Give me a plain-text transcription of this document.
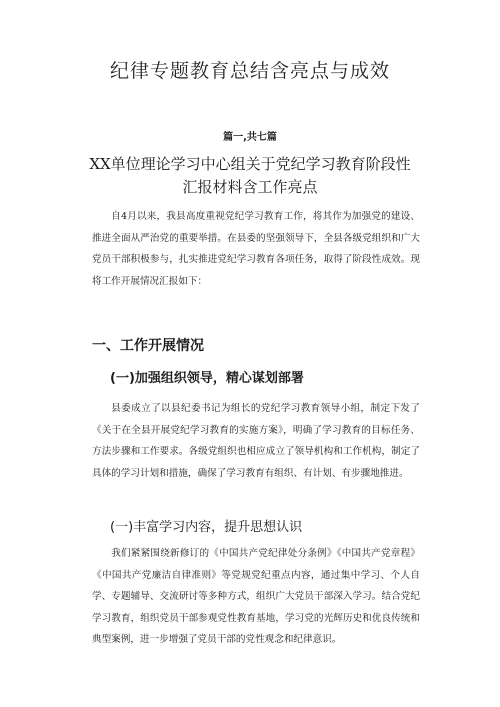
纪律专题教育总结含亮点与成效
篇一,共七篇
XX单位理论学习中心组关于党纪学习教育阶段性
汇报材料含工作亮点

自4月以来，我县高度重视党纪学习教育工作，将其作为加强党的建设、推进全面从严治党的重要举措。在县委的坚强领导下，全县各级党组织和广大党员干部积极参与，扎实推进党纪学习教育各项任务，取得了阶段性成效。现将工作开展情况汇报如下：

一、工作开展情况
(一)加强组织领导，精心谋划部署

县委成立了以县纪委书记为组长的党纪学习教育领导小组，制定下发了《关于在全县开展党纪学习教育的实施方案》，明确了学习教育的目标任务、方法步骤和工作要求。各级党组织也相应成立了领导机构和工作机构，制定了具体的学习计划和措施，确保了学习教育有组织、有计划、有步骤地推进。

(一)丰富学习内容，提升思想认识

我们紧紧围绕新修订的《中国共产党纪律处分条例》《中国共产党章程》《中国共产党廉洁自律准则》等党规党纪重点内容，通过集中学习、个人自学、专题辅导、交流研讨等多种方式，组织广大党员干部深入学习。结合党纪学习教育，组织党员干部参观党性教育基地，学习党的光辉历史和优良传统和典型案例，进一步增强了党员干部的党性观念和纪律意识。
